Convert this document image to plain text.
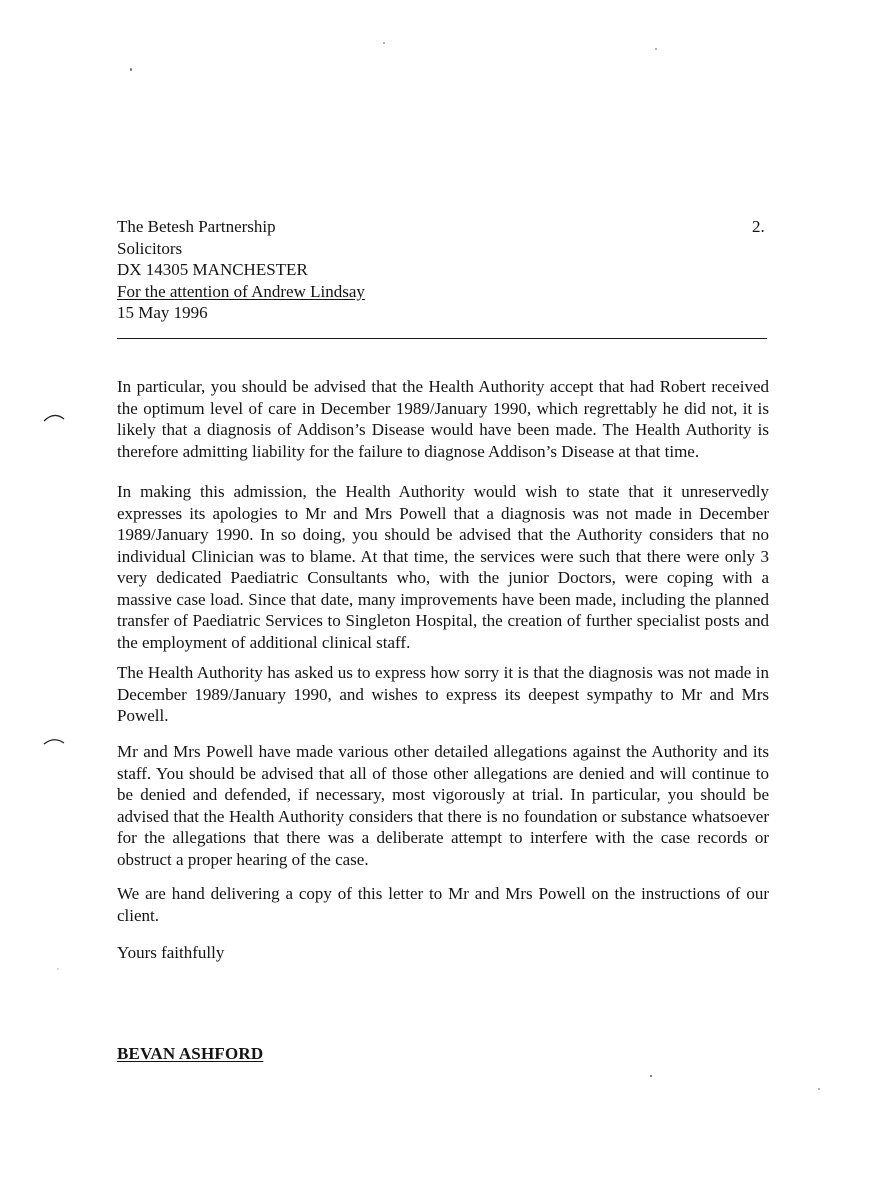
The Betesh Partnership
Solicitors
DX 14305 MANCHESTER
For the attention of Andrew Lindsay
15 May 1996
2.
In particular, you should be advised that the Health Authority accept that had Robert received the optimum level of care in December 1989/January 1990, which regrettably he did not, it is likely that a diagnosis of Addison’s Disease would have been made. The Health Authority is therefore admitting liability for the failure to diagnose Addison’s Disease at that time.
In making this admission, the Health Authority would wish to state that it unreservedly expresses its apologies to Mr and Mrs Powell that a diagnosis was not made in December 1989/January 1990. In so doing, you should be advised that the Authority considers that no individual Clinician was to blame. At that time, the services were such that there were only 3 very dedicated Paediatric Consultants who, with the junior Doctors, were coping with a massive case load. Since that date, many improvements have been made, including the planned transfer of Paediatric Services to Singleton Hospital, the creation of further specialist posts and the employment of additional clinical staff.
The Health Authority has asked us to express how sorry it is that the diagnosis was not made in December 1989/January 1990, and wishes to express its deepest sympathy to Mr and Mrs Powell.
Mr and Mrs Powell have made various other detailed allegations against the Authority and its staff. You should be advised that all of those other allegations are denied and will continue to be denied and defended, if necessary, most vigorously at trial. In particular, you should be advised that the Health Authority considers that there is no foundation or substance whatsoever for the allegations that there was a deliberate attempt to interfere with the case records or obstruct a proper hearing of the case.
We are hand delivering a copy of this letter to Mr and Mrs Powell on the instructions of our client.
Yours faithfully
BEVAN ASHFORD
